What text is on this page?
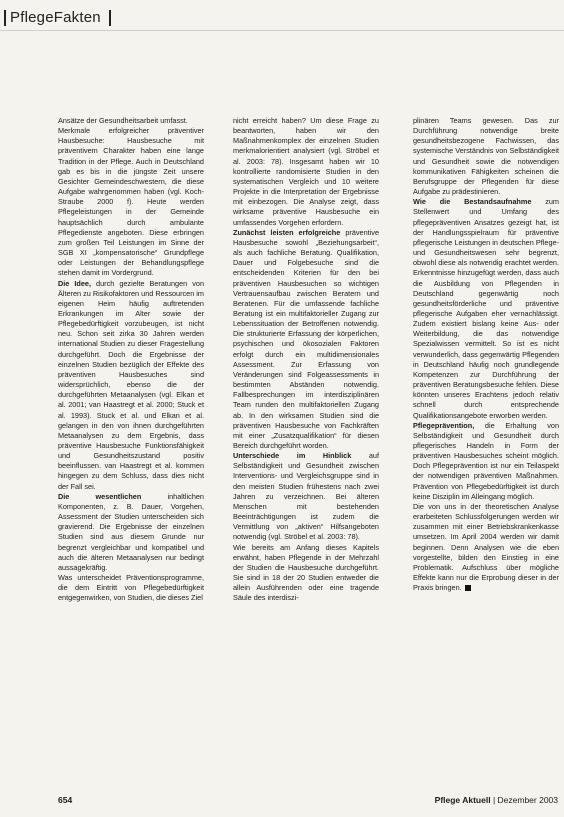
PflegeFakten

Ansätze der Gesundheitsarbeit umfasst.

Merkmale erfolgreicher präventiver Hausbesuche: Hausbesuche mit präventivem Charakter haben eine lange Tradition in der Pflege. Auch in Deutschland gab es bis in die jüngste Zeit unsere Gesichter Gemeindeschwestern, die diese Aufgabe wahrgenommen haben (vgl. Koch-Straube 2000 f). Heute werden Pflegeleistungen in der Gemeinde hauptsächlich durch ambulante Pflegedienste angeboten. Diese erbringen zum großen Teil Leistungen im Sinne der SGB XI „kompensatorische“ Grundpflege oder Leistungen der Behandlungspflege stehen damit im Vordergrund.

Die Idee, durch gezielte Beratungen von Älteren zu Risikofaktoren und Ressourcen im eigenen Heim häufig auftretenden Erkrankungen im Alter sowie der Pflegebedürftigkeit vorzubeugen, ist nicht neu. Schon seit zirka 30 Jahren werden international Studien zu dieser Fragestellung durchgeführt. Doch die Ergebnisse der einzelnen Studien bezüglich der Effekte des präventiven Hausbesuches sind widersprüchlich, ebenso die der durchgeführten Metaanalysen (vgl. Elkan et al. 2001; van Haastregt et al. 2000; Stuck et al. 1993). Stuck et al. und Elkan et al. gelangen in den von ihnen durchgeführten Metaanalysen zu dem Ergebnis, dass präventive Hausbesuche Funktionsfähigkeit und Gesundheitszustand positiv beeinflussen. van Haastregt et al. kommen hingegen zu dem Schluss, dass dies nicht der Fall sei.

Die wesentlichen	inhaltlichen Komponenten, z. B. Dauer, Vorgehen, Assessment der Studien unterscheiden sich gravierend. Die Ergebnisse der einzelnen Studien sind aus diesem Grunde nur begrenzt vergleichbar und kompatibel und auch die älteren Metaanalysen nur bedingt aussagekräftig.

Was unterscheidet Präventionsprogramme, die dem Eintritt von Pflegebedürftigkeit entgegenwirken, von Studien, die dieses Ziel

nicht erreicht haben? Um diese Frage zu beantworten, haben wir den Maßnahmenkomplex der einzelnen Studien merkmalorientiert analysiert (vgl. Ströbel et al. 2003: 78). Insgesamt haben wir 10 kontrollierte randomisierte Studien in den systematischen Vergleich und 10 weitere Projekte in die Interpretation der Ergebnisse mit einbezogen. Die Analyse zeigt, dass wirksame präventive Hausbesuche ein umfassendes Vorgehen erfordern.

Zunächst leisten erfolgreiche präventive Hausbesuche sowohl „Beziehungsarbeit“, als auch fachliche Beratung. Qualifikation, Dauer und Folgebesuche sind die entscheidenden Kriterien für den bei präventiven Hausbesuchen so wichtigen Vertrauensaufbau zwischen Beratern und Beratenen. Für die umfassende fachliche Beratung ist ein multifaktorieller Zugang zur Lebenssituation der Betroffenen notwendig. Die strukturierte Erfassung der körperlichen, psychischen und ökosozialen Faktoren erfolgt durch ein multidimensionales Assessment. Zur Erfassung von Veränderungen sind Folgeassessments in bestimmten Abständen notwendig. Fallbesprechungen im interdisziplinären Team runden den multifaktoriellen Zugang ab. In den wirksamen Studien sind die präventiven Hausbesuche von Fachkräften mit einer „Zusatzqualifikation“ für diesen Bereich durchgeführt worden.

Unterschiede im Hinblick auf Selbständigkeit und Gesundheit zwischen Interventions- und Vergleichsgruppe sind in den meisten Studien frühestens nach zwei Jahren zu verzeichnen. Bei älteren Menschen mit bestehenden Beeinträchtigungen ist zudem die Vermittlung von „aktiven“ Hilfsangeboten notwendig (vgl. Ströbel et al. 2003: 78).

Wie bereits am Anfang dieses Kapitels erwähnt, haben Pflegende in der Mehrzahl der Studien die Hausbesuche durchgeführt. Sie sind in 18 der 20 Studien entweder die allein Ausführenden oder eine tragende Säule des interdiszi-

plinären Teams gewesen. Das zur Durchführung notwendige breite gesundheitsbezogene Fachwissen, das systemische Verständnis von Selbständigkeit und Gesundheit sowie die notwendigen kommunikativen Fähigkeiten scheinen die Berufsgruppe der Pflegenden für diese Aufgabe zu prädestinieren.

Wie die Bestandsaufnahme zum Stellenwert und Umfang des pflegepräventiven Ansatzes gezeigt hat, ist der Handlungsspielraum für präventive pflegerische Leistungen in deutschen Pflege- und Gesundheitswesen sehr begrenzt, obwohl diese als notwendig erachtet werden. Erkenntnisse hinzugefügt werden, dass auch die Ausbildung von Pflegenden in Deutschland gegenwärtig noch gesundheitsförderliche und präventive pflegerische Aufgaben eher vernachlässigt. Zudem existiert bislang keine Aus- oder Weiterbildung, die das notwendige Spezialwissen vermittelt. So ist es nicht verwunderlich, dass gegenwärtig Pflegenden in Deutschland häufig noch grundlegende Kompetenzen zur Durchführung der präventiven Beratungsbesuche fehlen. Diese könnten unseres Erachtens jedoch relativ schnell durch entsprechende Qualifikationsangebote erworben werden.

Pflegeprävention, die Erhaltung von Selbständigkeit und Gesundheit durch pflegerisches Handeln in Form der präventiven Hausbesuches scheint möglich. Doch Pflegeprävention ist nur ein Teilaspekt der notwendigen präventiven Maßnahmen. Prävention von Pflegebedürftigkeit ist durch keine Disziplin im Alleingang möglich.

Die von uns in der theoretischen Analyse erarbeiteten Schlussfolgerungen werden wir zusammen mit einer Betriebskrankenkasse umsetzen. Im April 2004 werden wir damit beginnen. Denn Analysen wie die eben vorgestellte, bilden den Einstieg in eine Problematik. Aufschluss über mögliche Effekte kann nur die Erprobung dieser in der Praxis bringen.

654	Pflege Aktuell | Dezember 2003
